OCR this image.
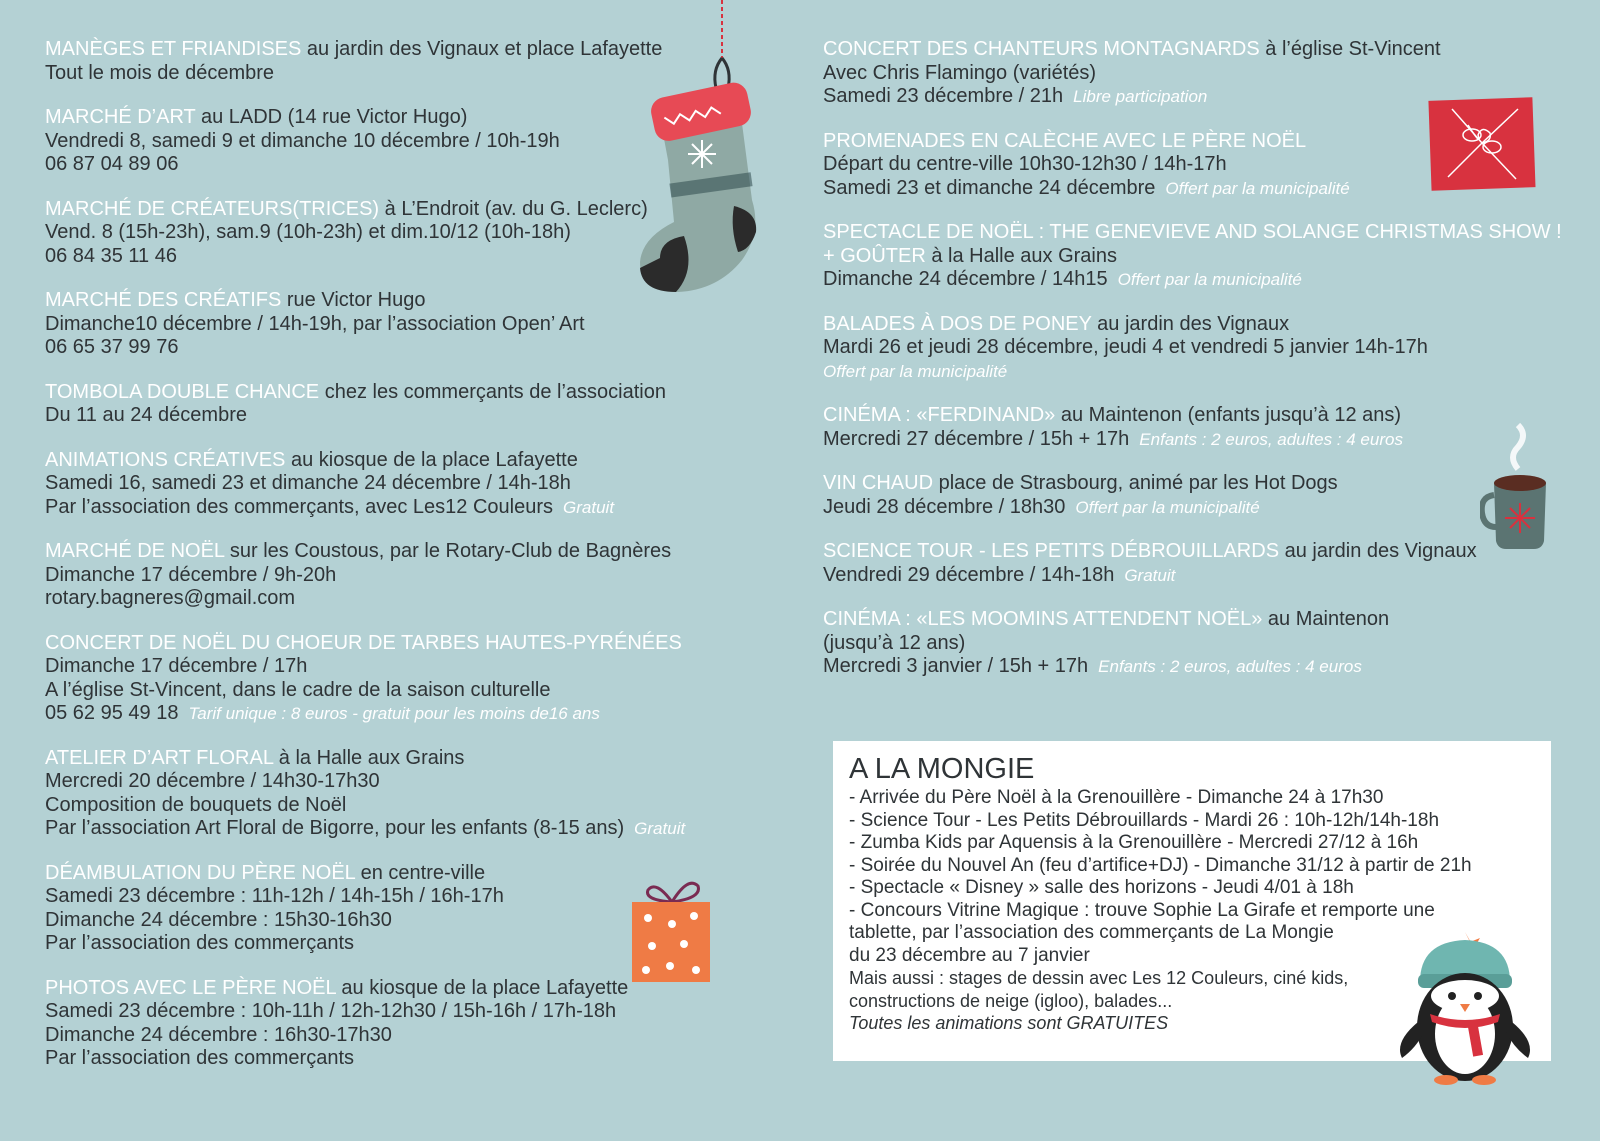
MANÈGES ET FRIANDISES au jardin des Vignaux et place Lafayette
Tout le mois de décembre
MARCHÉ D’ART au LADD (14 rue Victor Hugo)
Vendredi 8, samedi 9 et dimanche 10 décembre / 10h-19h
06 87 04 89 06
MARCHÉ DE CRÉATEURS(TRICES) à L’Endroit (av. du G. Leclerc)
Vend. 8 (15h-23h), sam.9 (10h-23h) et dim.10/12 (10h-18h)
06 84 35 11 46
MARCHÉ DES CRÉATIFS rue Victor Hugo
Dimanche10 décembre / 14h-19h, par l’association Open’ Art
06 65 37 99 76
TOMBOLA DOUBLE CHANCE chez les commerçants de l’association
Du 11 au 24 décembre
ANIMATIONS CRÉATIVES au kiosque de la place Lafayette
Samedi 16, samedi 23 et dimanche 24 décembre / 14h-18h
Par l’association des commerçants, avec Les12 Couleurs Gratuit
MARCHÉ DE NOËL sur les Coustous, par le Rotary-Club de Bagnères
Dimanche 17 décembre / 9h-20h
rotary.bagneres@gmail.com
CONCERT DE NOËL DU CHOEUR DE TARBES HAUTES-PYRÉNÉES
Dimanche 17 décembre / 17h
A l’église St-Vincent, dans le cadre de la saison culturelle
05 62 95 49 18 Tarif unique : 8 euros - gratuit pour les moins de16 ans
ATELIER D’ART FLORAL à la Halle aux Grains
Mercredi 20 décembre / 14h30-17h30
Composition de bouquets de Noël
Par l’association Art Floral de Bigorre, pour les enfants (8-15 ans) Gratuit
DÉAMBULATION DU PÈRE NOËL en centre-ville
Samedi 23 décembre : 11h-12h / 14h-15h / 16h-17h
Dimanche 24 décembre : 15h30-16h30
Par l’association des commerçants
PHOTOS AVEC LE PÈRE NOËL au kiosque de la place Lafayette
Samedi 23 décembre : 10h-11h / 12h-12h30 / 15h-16h / 17h-18h
Dimanche 24 décembre : 16h30-17h30
Par l’association des commerçants
CONCERT DES CHANTEURS MONTAGNARDS à l’église St-Vincent
Avec Chris Flamingo (variétés)
Samedi 23 décembre / 21h Libre participation
PROMENADES EN CALÈCHE AVEC LE PÈRE NOËL
Départ du centre-ville 10h30-12h30 / 14h-17h
Samedi 23 et dimanche 24 décembre Offert par la municipalité
SPECTACLE DE NOËL : THE GENEVIEVE AND SOLANGE CHRISTMAS SHOW !
+ GOÛTER à la Halle aux Grains
Dimanche 24 décembre / 14h15 Offert par la municipalité
BALADES À DOS DE PONEY au jardin des Vignaux
Mardi 26 et jeudi 28 décembre, jeudi 4 et vendredi 5 janvier 14h-17h
Offert par la municipalité
CINÉMA : «FERDINAND» au Maintenon (enfants jusqu’à 12 ans)
Mercredi 27 décembre / 15h + 17h Enfants : 2 euros, adultes : 4 euros
VIN CHAUD place de Strasbourg, animé par les Hot Dogs
Jeudi 28 décembre / 18h30 Offert par la municipalité
SCIENCE TOUR - LES PETITS DÉBROUILLARDS au jardin des Vignaux
Vendredi 29 décembre / 14h-18h Gratuit
CINÉMA : «LES MOOMINS ATTENDENT NOËL» au Maintenon
(jusqu’à 12 ans)
Mercredi 3 janvier / 15h + 17h Enfants : 2 euros, adultes : 4 euros
A LA MONGIE
- Arrivée du Père Noël à la Grenouillère - Dimanche 24 à 17h30
- Science Tour - Les Petits Débrouillards - Mardi 26 : 10h-12h/14h-18h
- Zumba Kids par Aquensis à la Grenouillère - Mercredi 27/12 à 16h
- Soirée du Nouvel An (feu d’artifice+DJ) - Dimanche 31/12 à partir de 21h
- Spectacle « Disney » salle des horizons - Jeudi 4/01 à 18h
- Concours Vitrine Magique : trouve Sophie La Girafe et remporte une
tablette, par l’association des commerçants de La Mongie
du 23 décembre au 7 janvier
Mais aussi : stages de dessin avec Les 12 Couleurs, ciné kids,
constructions de neige (igloo), balades...
Toutes les animations sont GRATUITES
